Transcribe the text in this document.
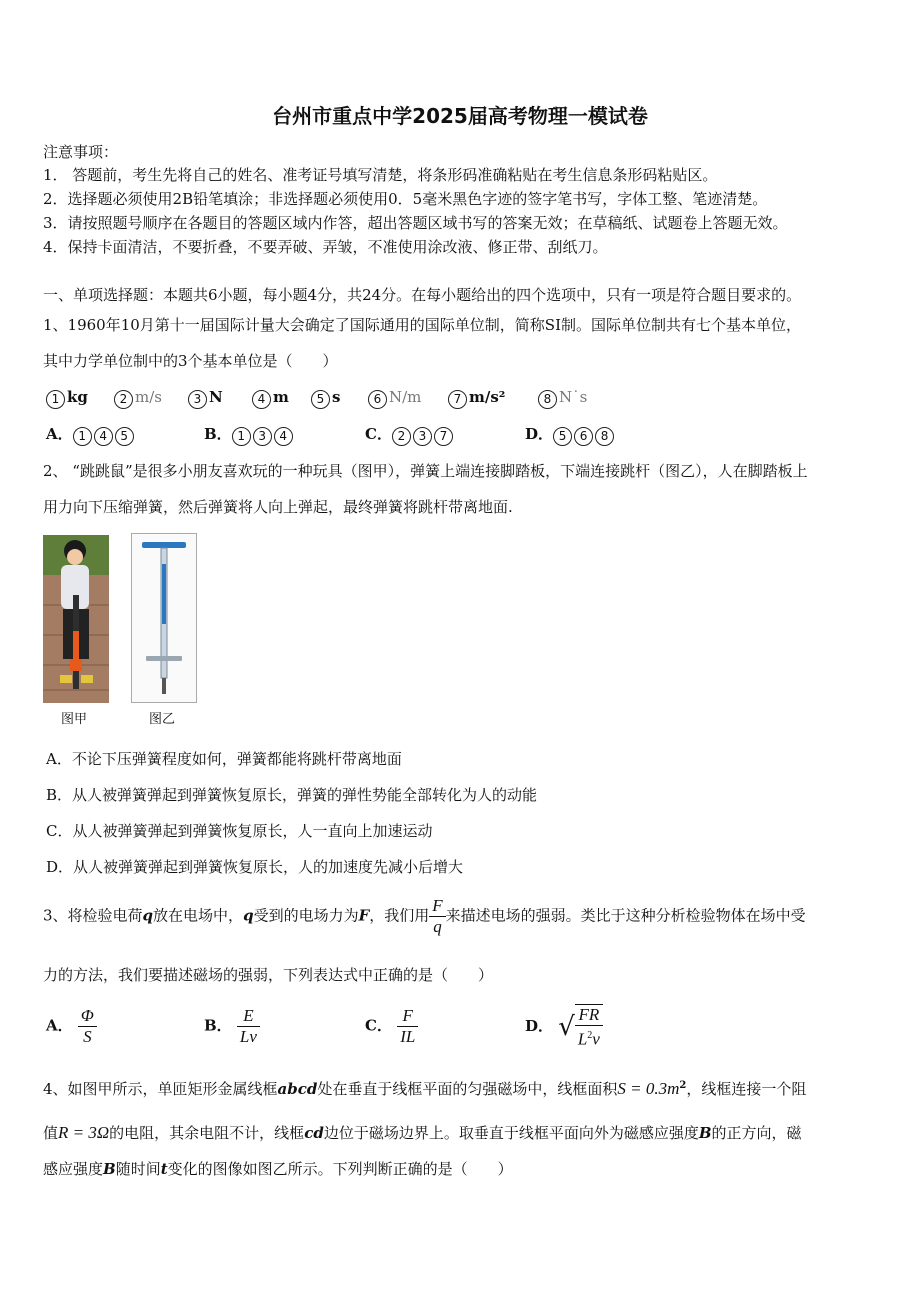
台州市重点中学2025届高考物理一模试卷
注意事项：
1． 答题前，考生先将自己的姓名、准考证号填写清楚，将条形码准确粘贴在考生信息条形码粘贴区。
2．选择题必须使用2B铅笔填涂；非选择题必须使用0．5毫米黑色字迹的签字笔书写，字体工整、笔迹清楚。
3．请按照题号顺序在各题目的答题区域内作答，超出答题区域书写的答案无效；在草稿纸、试题卷上答题无效。
4．保持卡面清洁，不要折叠，不要弄破、弄皱，不准使用涂改液、修正带、刮纸刀。
一、单项选择题：本题共6小题，每小题4分，共24分。在每小题给出的四个选项中，只有一项是符合题目要求的。
1、1960年10月第十一届国际计量大会确定了国际通用的国际单位制，简称SI制。国际单位制共有七个基本单位，
其中力学单位制中的3个基本单位是（　　）
1 kg	2 m/s	3 N	4 m	5 s	6 N/m	7 m/s²	8 N˙s
A． 1 4 5	B． 1 3 4	C． 2 3 7	D． 5 6 8
2、 “跳跳鼠”是很多小朋友喜欢玩的一种玩具（图甲），弹簧上端连接脚踏板，下端连接跳杆（图乙），人在脚踏板上
用力向下压缩弹簧，然后弹簧将人向上弹起，最终弹簧将跳杆带离地面.
图甲	图乙
A．不论下压弹簧程度如何，弹簧都能将跳杆带离地面
B．从人被弹簧弹起到弹簧恢复原长，弹簧的弹性势能全部转化为人的动能
C．从人被弹簧弹起到弹簧恢复原长，人一直向上加速运动
D．从人被弹簧弹起到弹簧恢复原长，人的加速度先减小后增大
3、将检验电荷q放在电场中，q受到的电场力为F，我们用 $\frac{F}{q}$ 来描述电场的强弱。类比于这种分析检验物体在场中受
力的方法，我们要描述磁场的强弱，下列表达式中正确的是（　　）
A． $\frac{\Phi}{S}$	B． $\frac{E}{Lv}$	C． $\frac{F}{IL}$	D． √ $\frac{FR}{L^2v}$
4、如图甲所示，单匝矩形金属线框abcd处在垂直于线框平面的匀强磁场中，线框面积$S = 0.3m^2$，线框连接一个阻
值R = 3Ω的电阻，其余电阻不计，线框cd边位于磁场边界上。取垂直于线框平面向外为磁感应强度B的正方向，磁
感应强度B随时间t变化的图像如图乙所示。下列判断正确的是（　　）
